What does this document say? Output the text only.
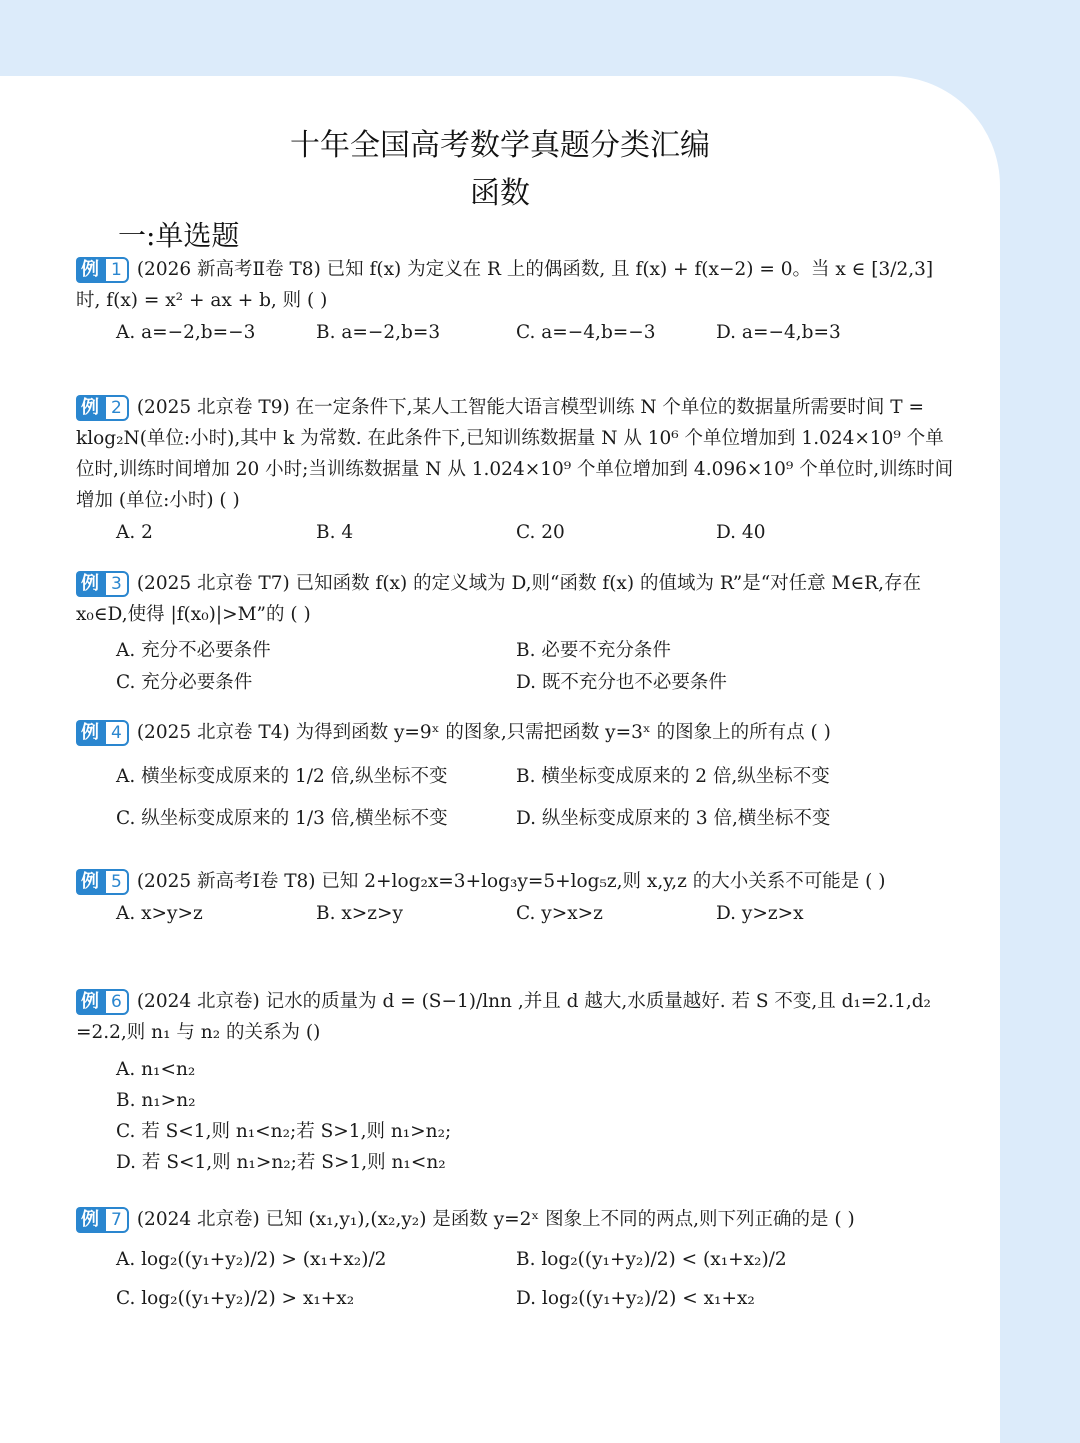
十年全国高考数学真题分类汇编
函数
一:单选题
例 1 (2026 新高考Ⅱ卷 T8) 已知 f(x) 为定义在 R 上的偶函数, 且 f(x) + f(x−2) = 0。当 x ∈ [3/2,3] 时, f(x) = x² + ax + b, 则 ( )
A. a=−2,b=−3	B. a=−2,b=3	C. a=−4,b=−3	D. a=−4,b=3
例 2 (2025 北京卷 T9) 在一定条件下,某人工智能大语言模型训练 N 个单位的数据量所需要时间 T = klog₂N(单位:小时),其中 k 为常数. 在此条件下,已知训练数据量 N 从 10⁶ 个单位增加到 1.024×10⁹ 个单位时,训练时间增加 20 小时;当训练数据量 N 从 1.024×10⁹ 个单位增加到 4.096×10⁹ 个单位时,训练时间增加 (单位:小时) ( )
A. 2	B. 4	C. 20	D. 40
例 3 (2025 北京卷 T7) 已知函数 f(x) 的定义域为 D,则“函数 f(x) 的值域为 R”是“对任意 M∈R,存在 x₀∈D,使得 |f(x₀)|>M”的 ( )
A. 充分不必要条件	B. 必要不充分条件
C. 充分必要条件	D. 既不充分也不必要条件
例 4 (2025 北京卷 T4) 为得到函数 y=9ˣ 的图象,只需把函数 y=3ˣ 的图象上的所有点 ( )
A. 横坐标变成原来的 1/2 倍,纵坐标不变	B. 横坐标变成原来的 2 倍,纵坐标不变
C. 纵坐标变成原来的 1/3 倍,横坐标不变	D. 纵坐标变成原来的 3 倍,横坐标不变
例 5 (2025 新高考Ⅰ卷 T8) 已知 2+log₂x=3+log₃y=5+log₅z,则 x,y,z 的大小关系不可能是 ( )
A. x>y>z	B. x>z>y	C. y>x>z	D. y>z>x
例 6 (2024 北京卷) 记水的质量为 d = (S−1)/lnn ,并且 d 越大,水质量越好. 若 S 不变,且 d₁=2.1,d₂ =2.2,则 n₁ 与 n₂ 的关系为 ()
A. n₁<n₂
B. n₁>n₂
C. 若 S<1,则 n₁<n₂;若 S>1,则 n₁>n₂;
D. 若 S<1,则 n₁>n₂;若 S>1,则 n₁<n₂
例 7 (2024 北京卷) 已知 (x₁,y₁),(x₂,y₂) 是函数 y=2ˣ 图象上不同的两点,则下列正确的是 ( )
A. log₂((y₁+y₂)/2) > (x₁+x₂)/2	B. log₂((y₁+y₂)/2) < (x₁+x₂)/2
C. log₂((y₁+y₂)/2) > x₁+x₂	D. log₂((y₁+y₂)/2) < x₁+x₂
